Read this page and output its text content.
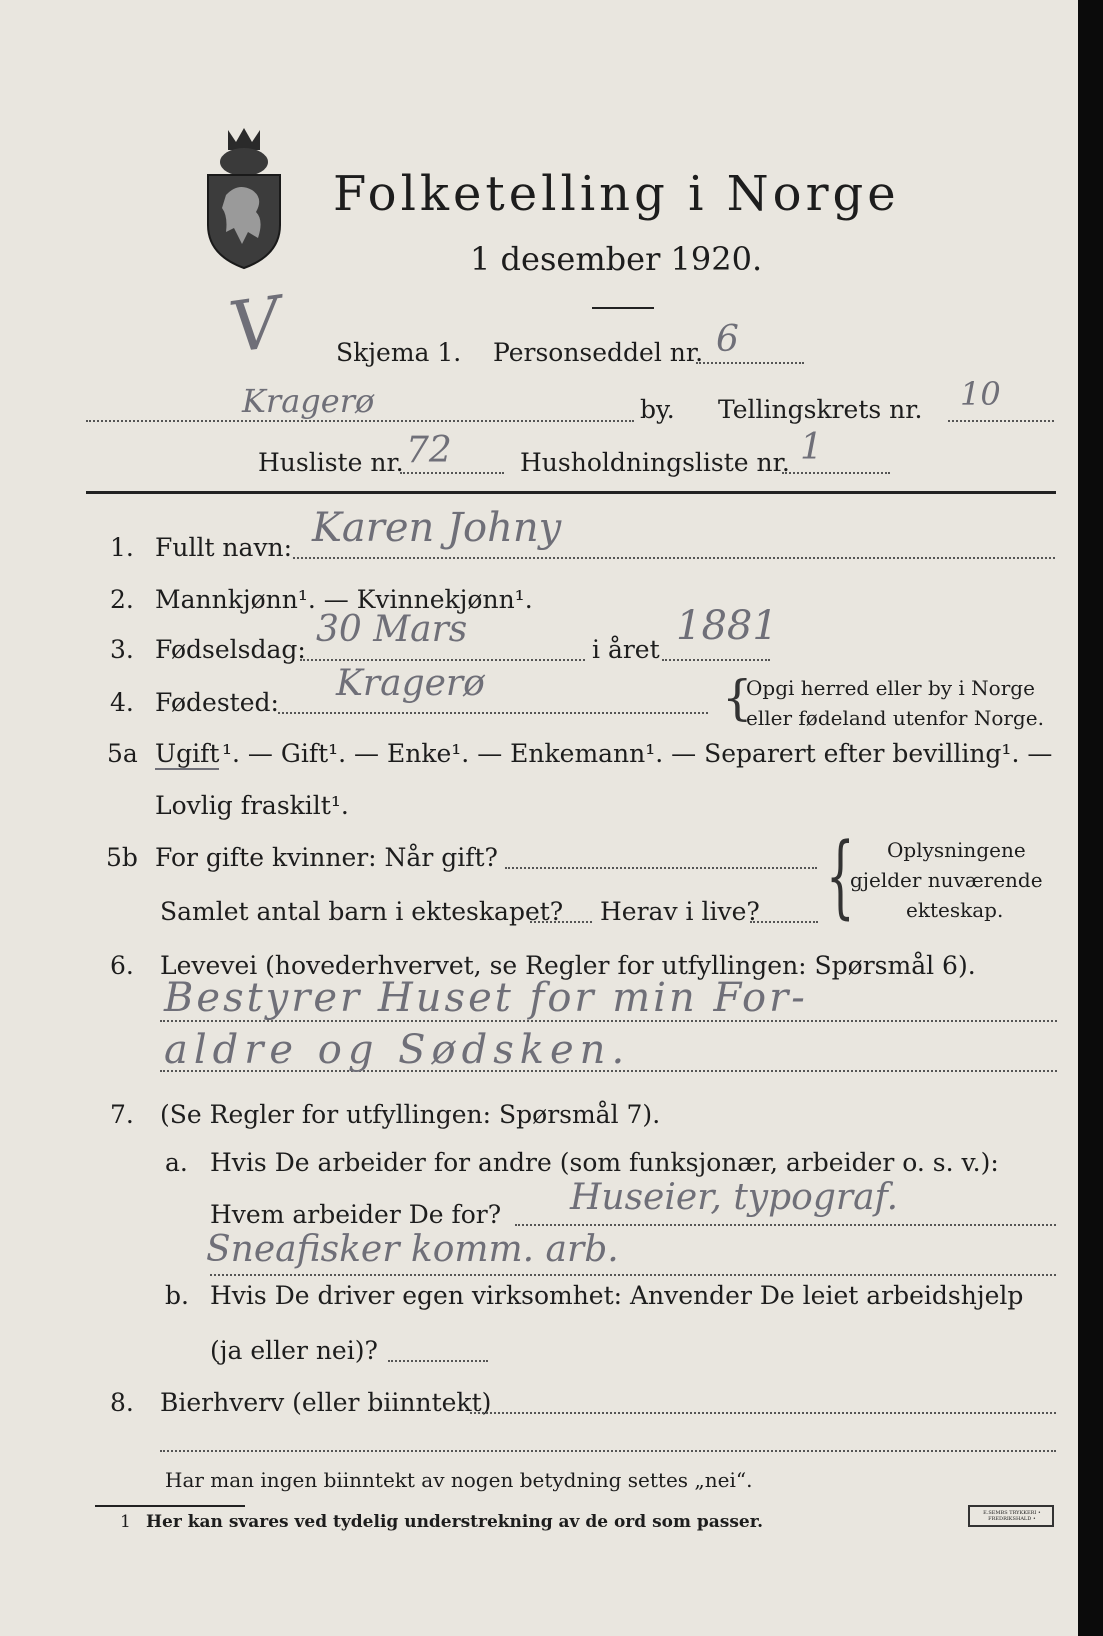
V
Folketelling i Norge
1 desember 1920.
Skjema 1. Personseddel nr. 6
Kragerø	by. Tellingskrets nr. 10
Husliste nr. 72	Husholdningsliste nr. 1
1. Fullt navn: Karen Johny
2. Mannkjønn¹. — Kvinnekjønn¹.
3. Fødselsdag: 30 Mars	i året
1881
4. Fødested: Kragerø	{
Opgi herred eller by i Norge
eller fødeland utenfor Norge.
5a Ugift ¹. — Gift¹. — Enke¹. — Enkemann¹. — Separert efter bevilling¹. —
Lovlig fraskilt¹.
5b For gifte kvinner: Når gift?
Samlet antal barn i ekteskapet? Herav i live? { Oplysningene
gjelder nuværende
ekteskap.
6. Levevei (hovederhvervet, se Regler for utfyllingen: Spørsmål 6).
Bestyrer Huset for min For-
aldre og Sødsken.
7. (Se Regler for utfyllingen: Spørsmål 7).
a. Hvis De arbeider for andre (som funksjonær, arbeider o. s. v.):
Hvem arbeider De for? Huseier, typograf.
Sneafisker komm. arb.
b. Hvis De driver egen virksomhet: Anvender De leiet arbeidshjelp
(ja eller nei)?
8. Bierhverv (eller biinntekt)
Har man ingen biinntekt av nogen betydning settes „nei“.
1 Her kan svares ved tydelig understrekning av de ord som passer.	E.SEMBS TRYKKERI • FREDRIKSHALD •
